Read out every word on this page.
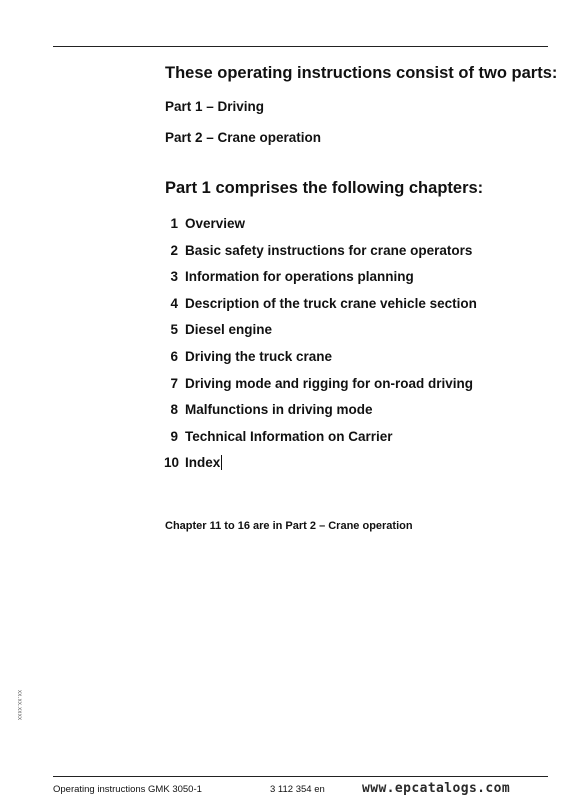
These operating instructions consist of two parts:

Part 1 – Driving

Part 2 – Crane operation

Part 1 comprises the following chapters:
1 Overview
2 Basic safety instructions for crane operators
3 Information for operations planning
4 Description of the truck crane vehicle section
5 Diesel engine
6 Driving the truck crane
7 Driving mode and rigging for on-road driving
8 Malfunctions in driving mode
9 Technical Information on Carrier
10 Index

Chapter 11 to 16 are in Part 2 – Crane operation

xx.xx.xxxx
Operating instructions GMK 3050-1	3 112 354 en	www.epcatalogs.com
